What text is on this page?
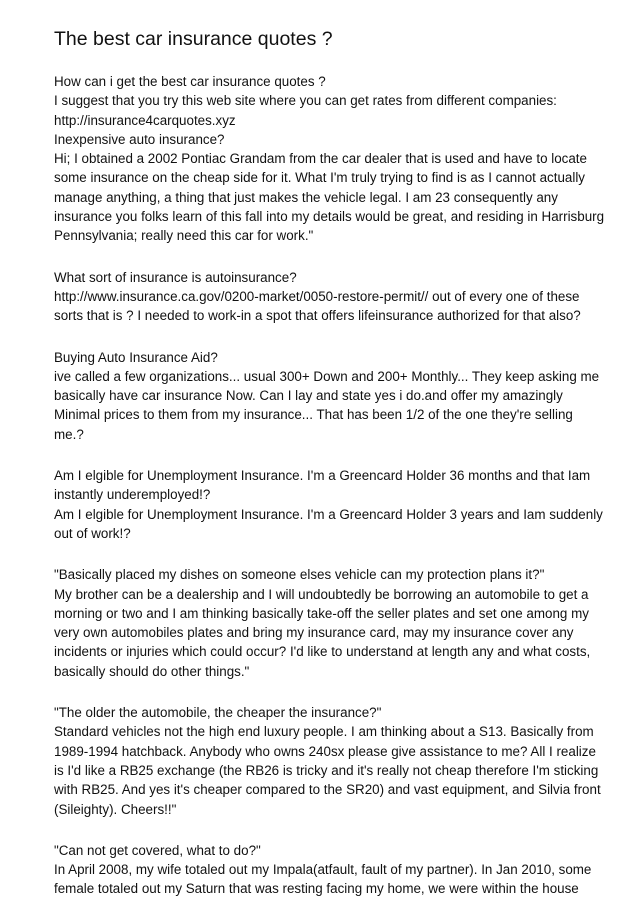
The best car insurance quotes ?
How can i get the best car insurance quotes ?
I suggest that you try this web site where you can get rates from different companies:
http://insurance4carquotes.xyz
Inexpensive auto insurance?
Hi; I obtained a 2002 Pontiac Grandam from the car dealer that is used and have to locate
some insurance on the cheap side for it. What I'm truly trying to find is as I cannot actually
manage anything, a thing that just makes the vehicle legal. I am 23 consequently any
insurance you folks learn of this fall into my details would be great, and residing in Harrisburg
Pennsylvania; really need this car for work."
What sort of insurance is autoinsurance?
http://www.insurance.ca.gov/0200-market/0050-restore-permit// out of every one of these
sorts that is ? I needed to work-in a spot that offers lifeinsurance authorized for that also?
Buying Auto Insurance Aid?
ive called a few organizations... usual 300+ Down and 200+ Monthly... They keep asking me
basically have car insurance Now. Can I lay and state yes i do.and offer my amazingly
Minimal prices to them from my insurance... That has been 1/2 of the one they're selling
me.?
Am I elgible for Unemployment Insurance. I'm a Greencard Holder 36 months and that Iam
instantly underemployed!?
Am I elgible for Unemployment Insurance. I'm a Greencard Holder 3 years and Iam suddenly
out of work!?
"Basically placed my dishes on someone elses vehicle can my protection plans it?"
My brother can be a dealership and I will undoubtedly be borrowing an automobile to get a
morning or two and I am thinking basically take-off the seller plates and set one among my
very own automobiles plates and bring my insurance card, may my insurance cover any
incidents or injuries which could occur? I'd like to understand at length any and what costs,
basically should do other things."
"The older the automobile, the cheaper the insurance?"
Standard vehicles not the high end luxury people. I am thinking about a S13. Basically from
1989-1994 hatchback. Anybody who owns 240sx please give assistance to me? All I realize
is I'd like a RB25 exchange (the RB26 is tricky and it's really not cheap therefore I'm sticking
with RB25. And yes it's cheaper compared to the SR20) and vast equipment, and Silvia front
(Sileighty). Cheers!!"
"Can not get covered, what to do?"
In April 2008, my wife totaled out my Impala(atfault, fault of my partner). In Jan 2010, some
female totaled out my Saturn that was resting facing my home, we were within the house
